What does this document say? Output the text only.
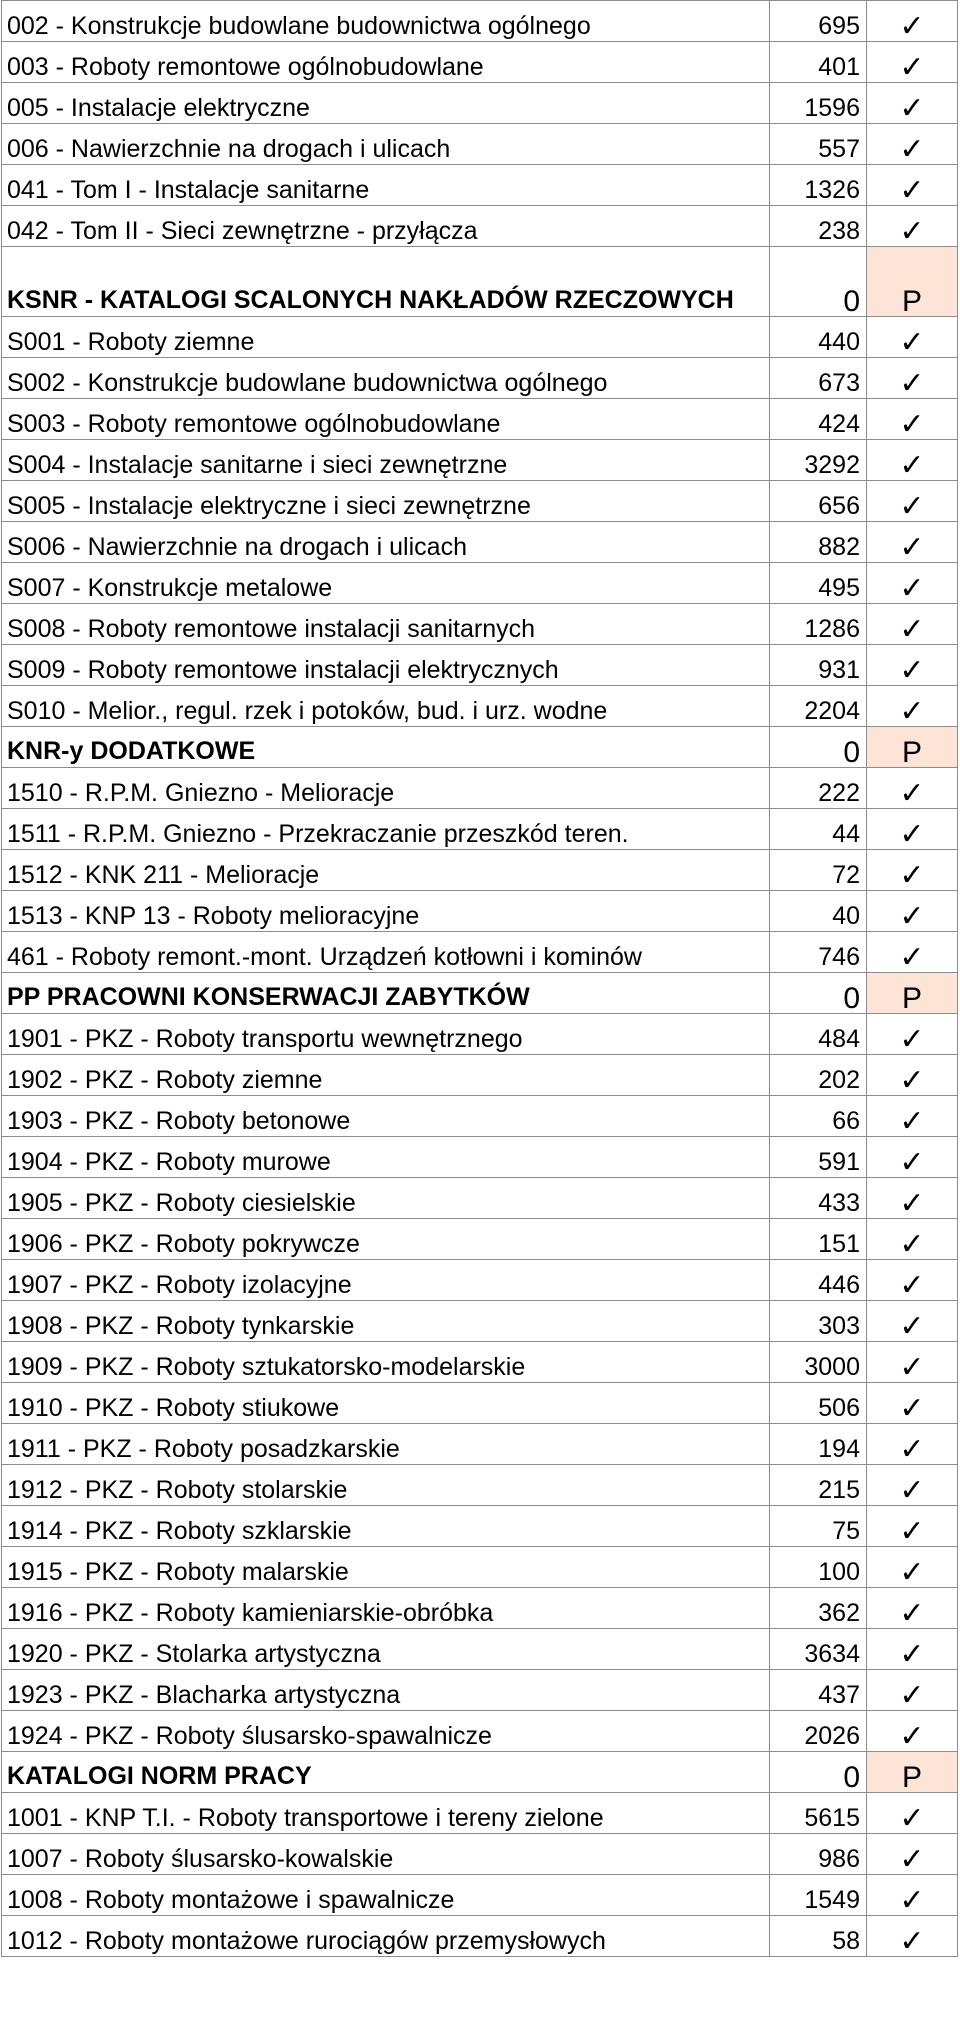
002 - Konstrukcje budowlane budownictwa ogólnego	695	✓
003 - Roboty remontowe ogólnobudowlane	401	✓
005 - Instalacje elektryczne	1596	✓
006 - Nawierzchnie na drogach i ulicach	557	✓
041 - Tom I - Instalacje sanitarne	1326	✓
042 - Tom II - Sieci zewnętrzne - przyłącza	238	✓
KSNR - KATALOGI SCALONYCH NAKŁADÓW RZECZOWYCH	0	P
S001 - Roboty ziemne	440	✓
S002 - Konstrukcje budowlane budownictwa ogólnego	673	✓
S003 - Roboty remontowe ogólnobudowlane	424	✓
S004 - Instalacje sanitarne i sieci zewnętrzne	3292	✓
S005 - Instalacje elektryczne i sieci zewnętrzne	656	✓
S006 - Nawierzchnie na drogach i ulicach	882	✓
S007 - Konstrukcje metalowe	495	✓
S008 - Roboty remontowe instalacji sanitarnych	1286	✓
S009 - Roboty remontowe instalacji elektrycznych	931	✓
S010 - Melior., regul. rzek i potoków, bud. i urz. wodne	2204	✓
KNR-y DODATKOWE	0	P
1510 - R.P.M. Gniezno - Melioracje	222	✓
1511 - R.P.M. Gniezno - Przekraczanie przeszkód teren.	44	✓
1512 - KNK 211 - Melioracje	72	✓
1513 - KNP 13 - Roboty melioracyjne	40	✓
461 - Roboty remont.-mont. Urządzeń kotłowni i kominów	746	✓
PP PRACOWNI KONSERWACJI ZABYTKÓW	0	P
1901 - PKZ - Roboty transportu wewnętrznego	484	✓
1902 - PKZ - Roboty ziemne	202	✓
1903 - PKZ - Roboty betonowe	66	✓
1904 - PKZ - Roboty murowe	591	✓
1905 - PKZ - Roboty ciesielskie	433	✓
1906 - PKZ - Roboty pokrywcze	151	✓
1907 - PKZ - Roboty izolacyjne	446	✓
1908 - PKZ - Roboty tynkarskie	303	✓
1909 - PKZ - Roboty sztukatorsko-modelarskie	3000	✓
1910 - PKZ - Roboty stiukowe	506	✓
1911 - PKZ - Roboty posadzkarskie	194	✓
1912 - PKZ - Roboty stolarskie	215	✓
1914 - PKZ - Roboty szklarskie	75	✓
1915 - PKZ - Roboty malarskie	100	✓
1916 - PKZ - Roboty kamieniarskie-obróbka	362	✓
1920 - PKZ - Stolarka artystyczna	3634	✓
1923 - PKZ - Blacharka artystyczna	437	✓
1924 - PKZ - Roboty ślusarsko-spawalnicze	2026	✓
KATALOGI NORM PRACY	0	P
1001 - KNP T.I. - Roboty transportowe i tereny zielone	5615	✓
1007 - Roboty ślusarsko-kowalskie	986	✓
1008 - Roboty montażowe i spawalnicze	1549	✓
1012 - Roboty montażowe rurociągów przemysłowych	58	✓
